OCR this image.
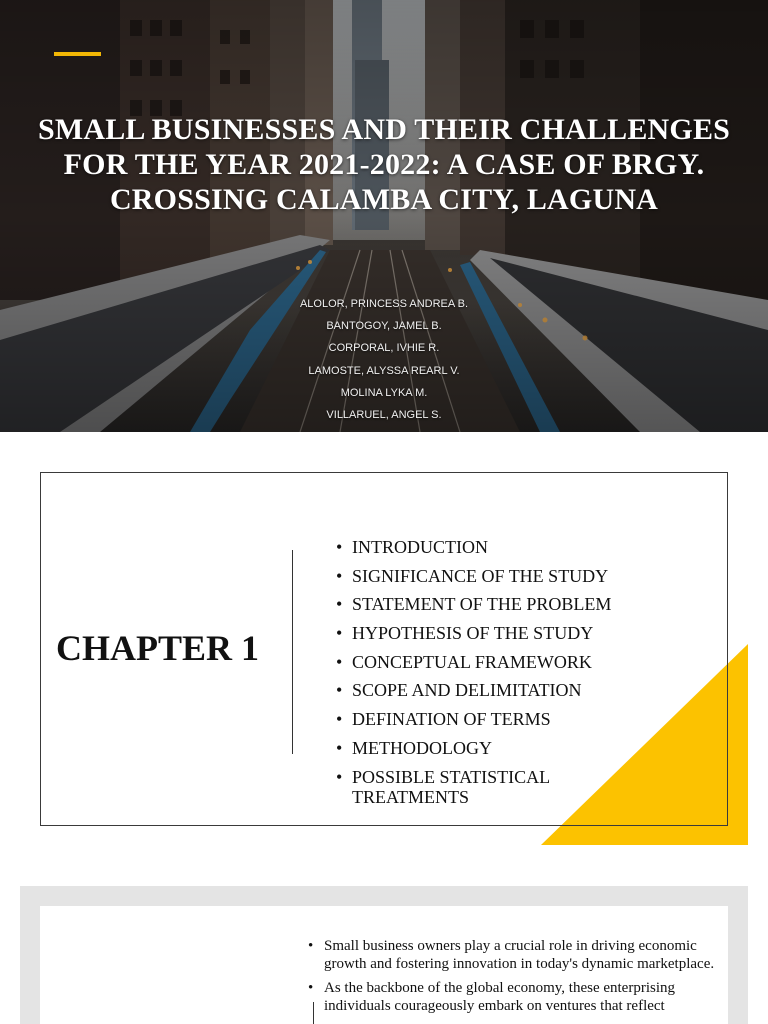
SMALL BUSINESSES AND THEIR CHALLENGES FOR THE YEAR 2021-2022: A CASE OF BRGY. CROSSING CALAMBA CITY, LAGUNA
ALOLOR, PRINCESS ANDREA B.
BANTOGOY, JAMEL B.
CORPORAL, IVHIE R.
LAMOSTE, ALYSSA REARL V.
MOLINA LYKA M.
VILLARUEL, ANGEL S.
CHAPTER 1
• INTRODUCTION
• SIGNIFICANCE OF THE STUDY
• STATEMENT OF THE PROBLEM
• HYPOTHESIS OF THE STUDY
• CONCEPTUAL FRAMEWORK
• SCOPE AND DELIMITATION
• DEFINATION OF TERMS
• METHODOLOGY
• POSSIBLE STATISTICAL TREATMENTS
• Small business owners play a crucial role in driving economic growth and fostering innovation in today's dynamic marketplace.
• As the backbone of the global economy, these enterprising individuals courageously embark on ventures that reflect
